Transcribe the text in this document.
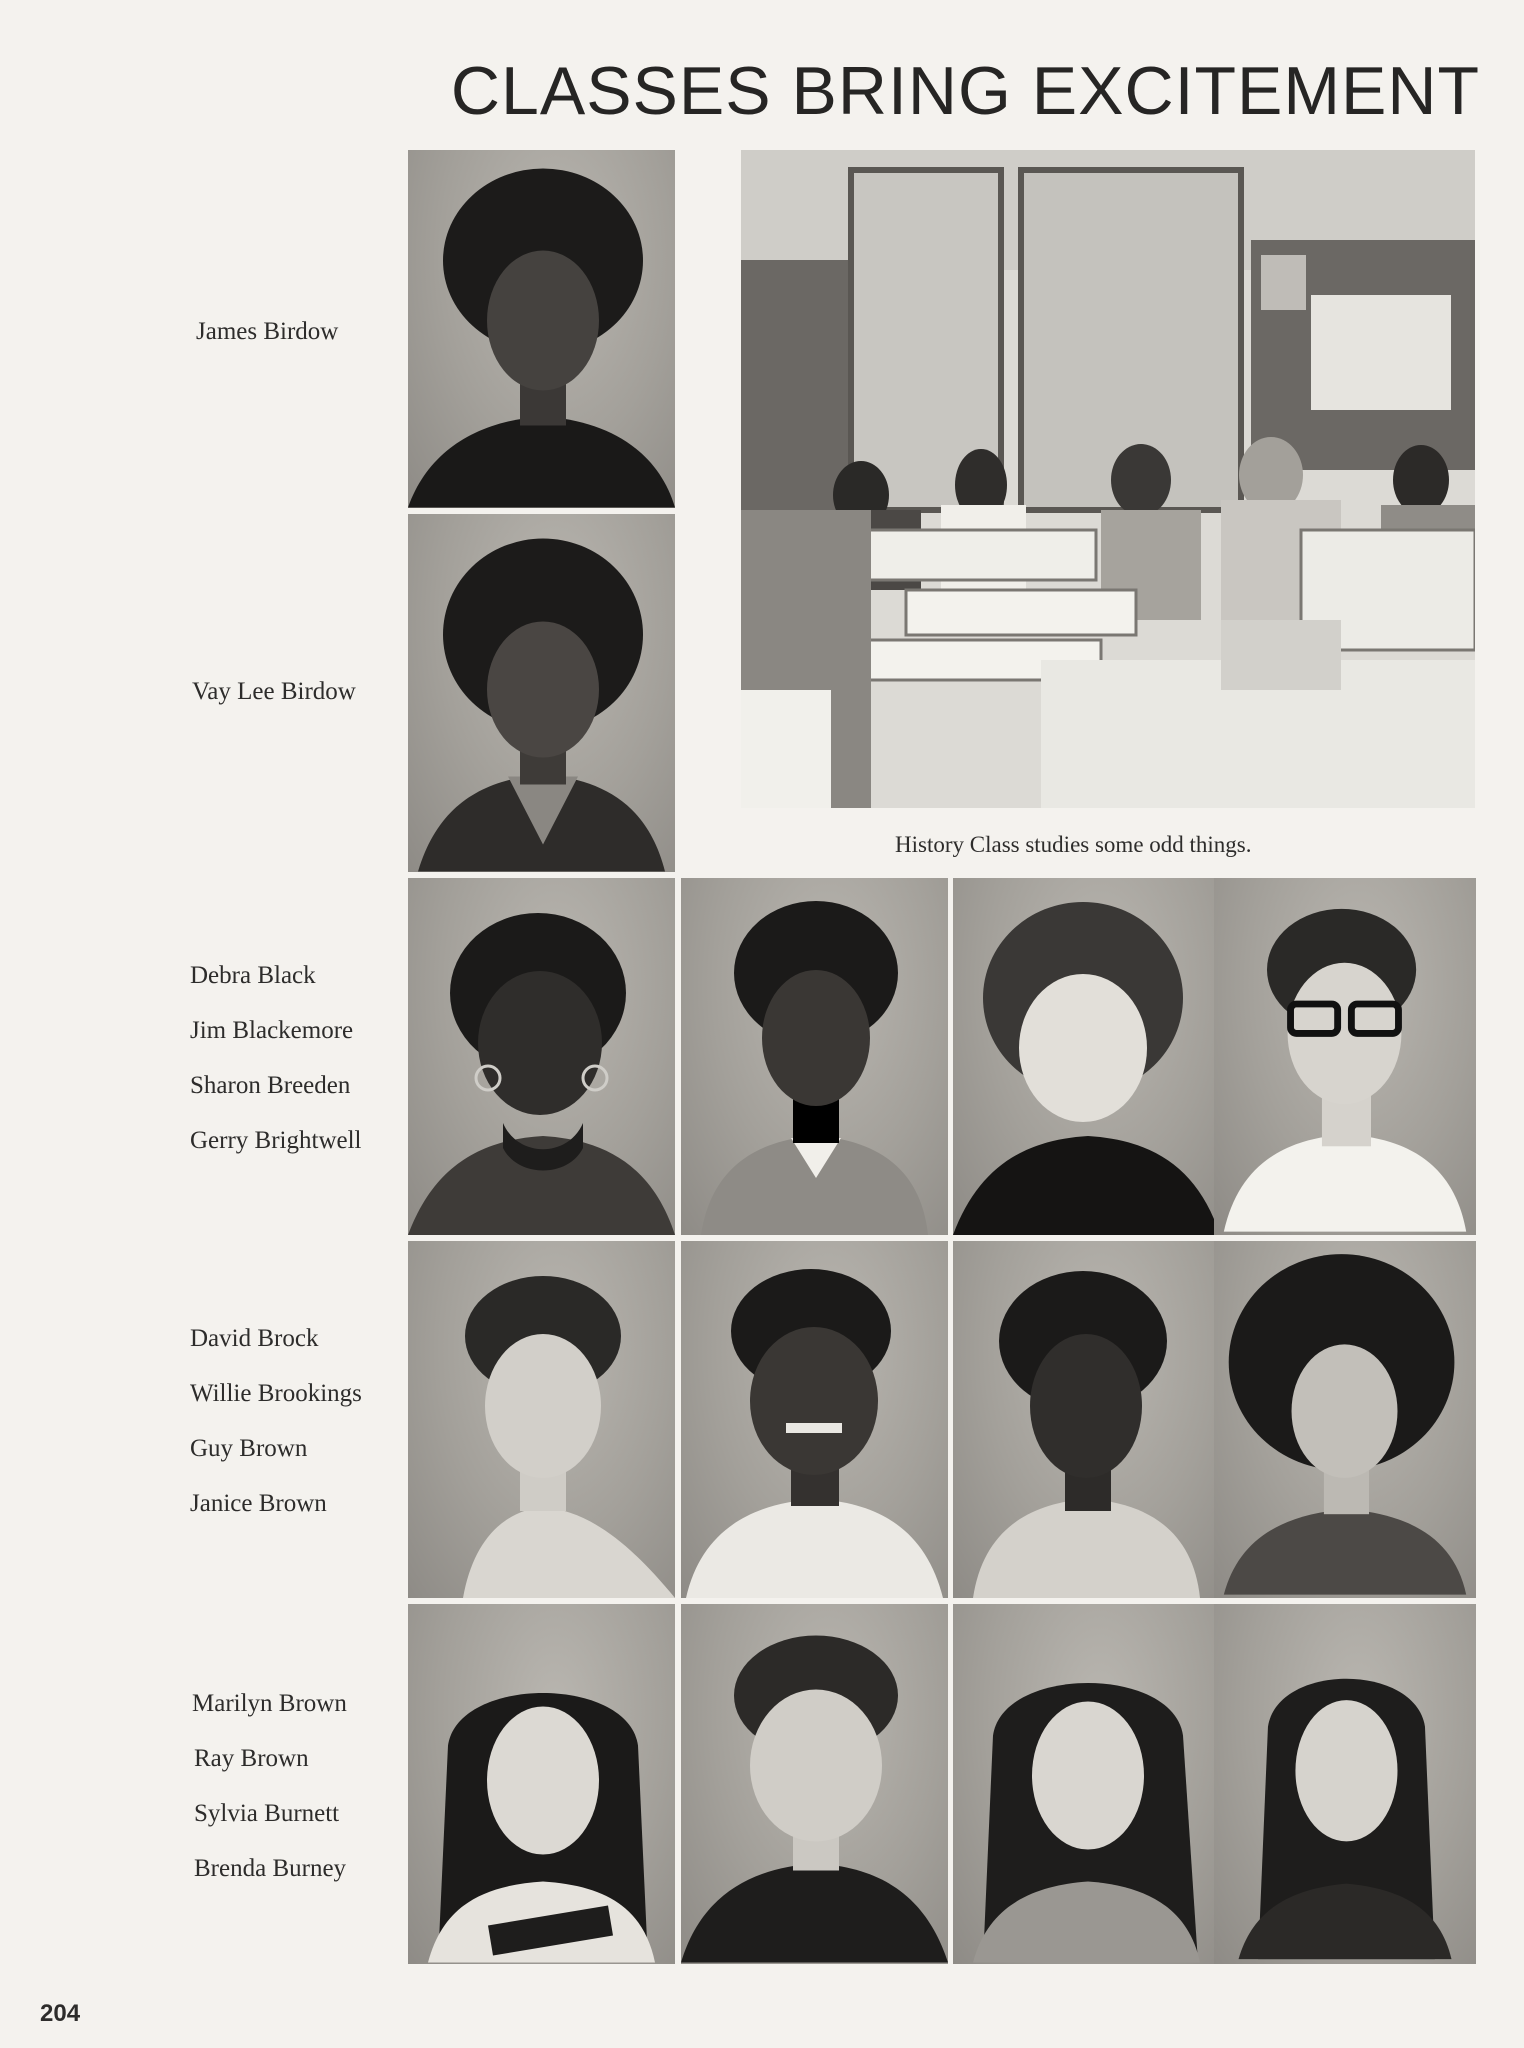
CLASSES BRING EXCITEMENT
James Birdow
Vay Lee Birdow
Debra Black
Jim Blackemore
Sharon Breeden
Gerry Brightwell
David Brock
Willie Brookings
Guy Brown
Janice Brown
Marilyn Brown
Ray Brown
Sylvia Burnett
Brenda Burney
History Class studies some odd things.
204
